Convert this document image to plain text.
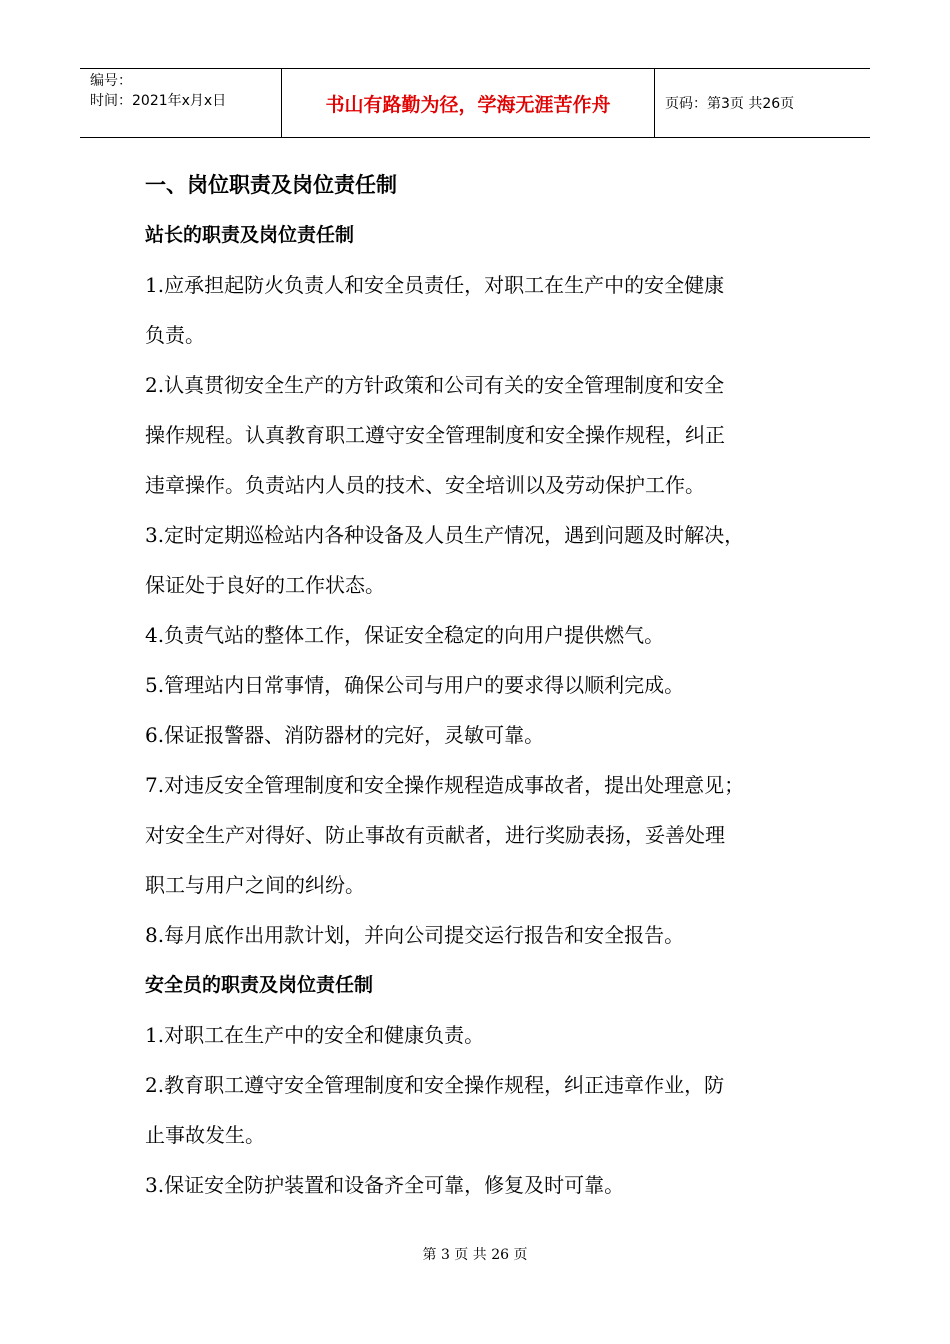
编号：
时间：2021年x月x日	书山有路勤为径，学海无涯苦作舟	页码：第3页 共26页
一、岗位职责及岗位责任制
站长的职责及岗位责任制
1.应承担起防火负责人和安全员责任，对职工在生产中的安全健康
负责。
2.认真贯彻安全生产的方针政策和公司有关的安全管理制度和安全
操作规程。认真教育职工遵守安全管理制度和安全操作规程，纠正
违章操作。负责站内人员的技术、安全培训以及劳动保护工作。
3.定时定期巡检站内各种设备及人员生产情况，遇到问题及时解决，
保证处于良好的工作状态。
4.负责气站的整体工作，保证安全稳定的向用户提供燃气。
5.管理站内日常事情，确保公司与用户的要求得以顺利完成。
6.保证报警器、消防器材的完好，灵敏可靠。
7.对违反安全管理制度和安全操作规程造成事故者，提出处理意见；
对安全生产对得好、防止事故有贡献者，进行奖励表扬，妥善处理
职工与用户之间的纠纷。
8.每月底作出用款计划，并向公司提交运行报告和安全报告。
安全员的职责及岗位责任制
1.对职工在生产中的安全和健康负责。
2.教育职工遵守安全管理制度和安全操作规程，纠正违章作业，防
止事故发生。
3.保证安全防护装置和设备齐全可靠，修复及时可靠。
第 3 页 共 26 页
